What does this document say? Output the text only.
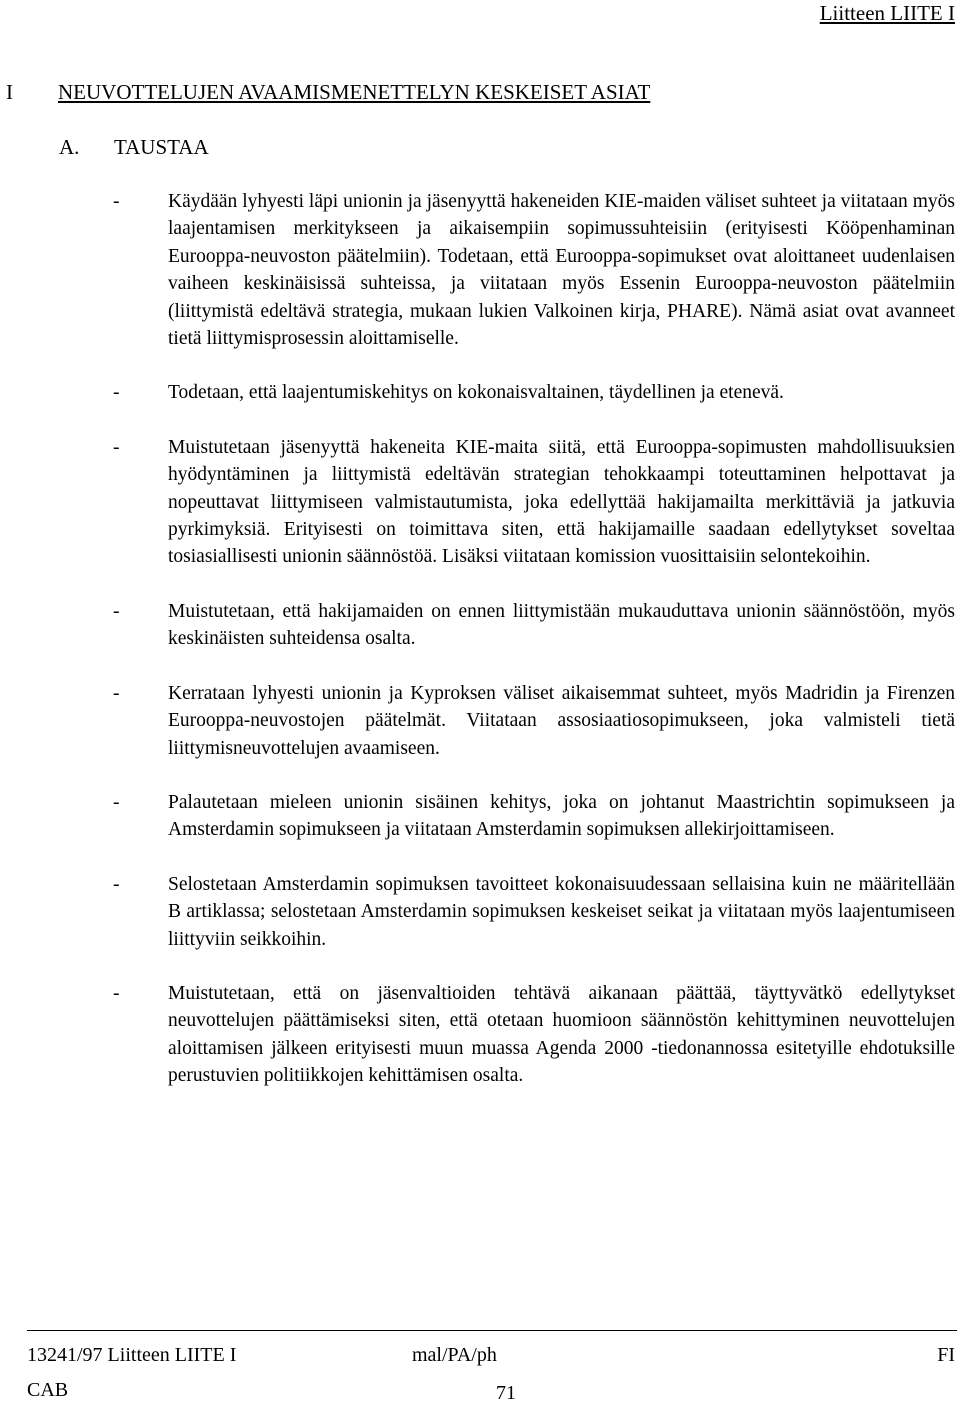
Liitteen LIITE I
I NEUVOTTELUJEN AVAAMISMENETTELYN KESKEISET ASIAT
A. TAUSTAA
- Käydään lyhyesti läpi unionin ja jäsenyyttä hakeneiden KIE-maiden väliset suhteet ja viitataan myös laajentamisen merkitykseen ja aikaisempiin sopimussuhteisiin (erityisesti Kööpenhaminan Eurooppa-neuvoston päätelmiin). Todetaan, että Eurooppa-sopimukset ovat aloittaneet uudenlaisen vaiheen keskinäisissä suhteissa, ja viitataan myös Essenin Eurooppa-neuvoston päätelmiin (liittymistä edeltävä strategia, mukaan lukien Valkoinen kirja, PHARE). Nämä asiat ovat avanneet tietä liittymisprosessin aloittamiselle.
- Todetaan, että laajentumiskehitys on kokonaisvaltainen, täydellinen ja etenevä.
- Muistutetaan jäsenyyttä hakeneita KIE-maita siitä, että Eurooppa-sopimusten mahdollisuuksien hyödyntäminen ja liittymistä edeltävän strategian tehokkaampi toteuttaminen helpottavat ja nopeuttavat liittymiseen valmistautumista, joka edellyttää hakijamailta merkittäviä ja jatkuvia pyrkimyksiä. Erityisesti on toimittava siten, että hakijamaille saadaan edellytykset soveltaa tosiasiallisesti unionin säännöstöä. Lisäksi viitataan komission vuosittaisiin selontekoihin.
- Muistutetaan, että hakijamaiden on ennen liittymistään mukauduttava unionin säännöstöön, myös keskinäisten suhteidensa osalta.
- Kerrataan lyhyesti unionin ja Kyproksen väliset aikaisemmat suhteet, myös Madridin ja Firenzen Eurooppa-neuvostojen päätelmät. Viitataan assosiaatiosopimukseen, joka valmisteli tietä liittymisneuvottelujen avaamiseen.
- Palautetaan mieleen unionin sisäinen kehitys, joka on johtanut Maastrichtin sopimukseen ja Amsterdamin sopimukseen ja viitataan Amsterdamin sopimuksen allekirjoittamiseen.
- Selostetaan Amsterdamin sopimuksen tavoitteet kokonaisuudessaan sellaisina kuin ne määritellään B artiklassa; selostetaan Amsterdamin sopimuksen keskeiset seikat ja viitataan myös laajentumiseen liittyviin seikkoihin.
- Muistutetaan, että on jäsenvaltioiden tehtävä aikanaan päättää, täyttyvätkö edellytykset neuvottelujen päättämiseksi siten, että otetaan huomioon säännöstön kehittyminen neuvottelujen aloittamisen jälkeen erityisesti muun muassa Agenda 2000 -tiedonannossa esitetyille ehdotuksille perustuvien politiikkojen kehittämisen osalta.
13241/97 Liitteen LIITE I
CAB
mal/PA/ph	FI
71
